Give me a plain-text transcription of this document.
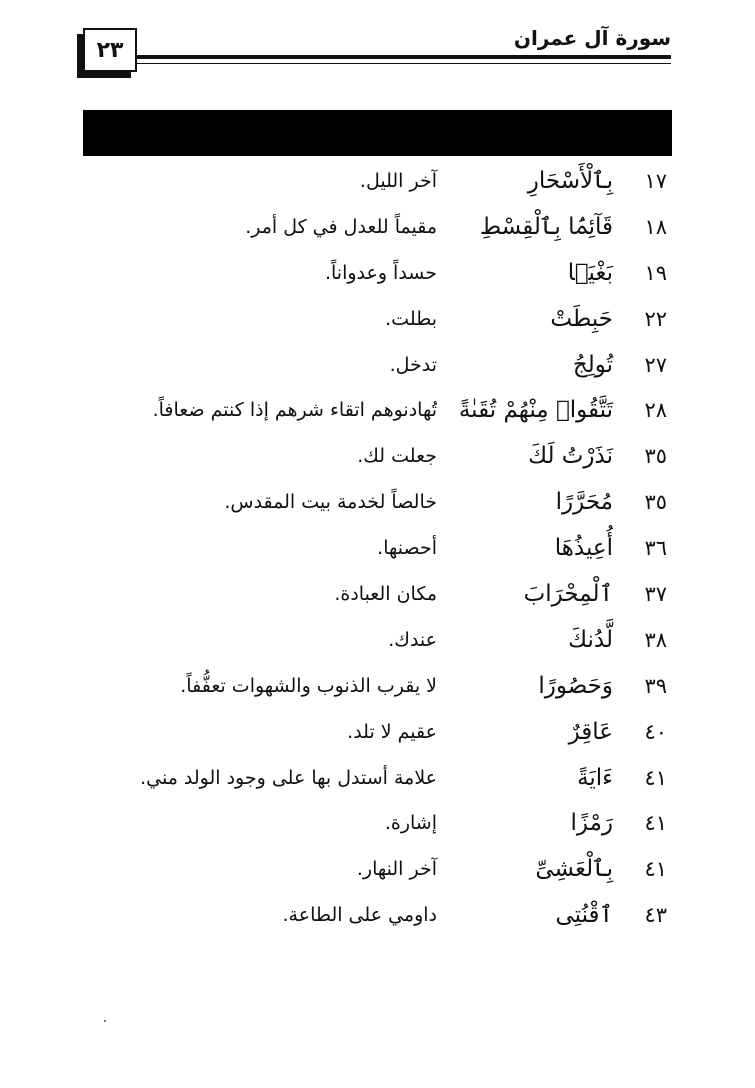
٢٣	سورة آل عمران
١٧
بِٱلْأَسْحَارِ
آخر الليل.
١٨
قَآئِمَۢا بِٱلْقِسْطِ
مقيماً للعدل في كل أمر.
١٩
بَغْيَۢا
حسداً وعدواناً.
٢٢
حَبِطَتْ
بطلت.
٢٧
تُولِجُ
تدخل.
٢٨
تَتَّقُوا۟ مِنْهُمْ تُقَىٰةً
تُهادنوهم اتقاء شرهم إذا كنتم ضعافاً.
٣٥
نَذَرْتُ لَكَ
جعلت لك.
٣٥
مُحَرَّرًا
خالصاً لخدمة بيت المقدس.
٣٦
أُعِيذُهَا
أحصنها.
٣٧
ٱلْمِحْرَابَ
مكان العبادة.
٣٨
لَّدُنكَ
عندك.
٣٩
وَحَصُورًا
لا يقرب الذنوب والشهوات تعفُّفاً.
٤٠
عَاقِرٌ
عقيم لا تلد.
٤١
ءَايَةً
علامة أستدل بها على وجود الولد مني.
٤١
رَمْزًا
إشارة.
٤١
بِٱلْعَشِىِّ
آخر النهار.
٤٣
ٱقْنُتِى
داومي على الطاعة.
